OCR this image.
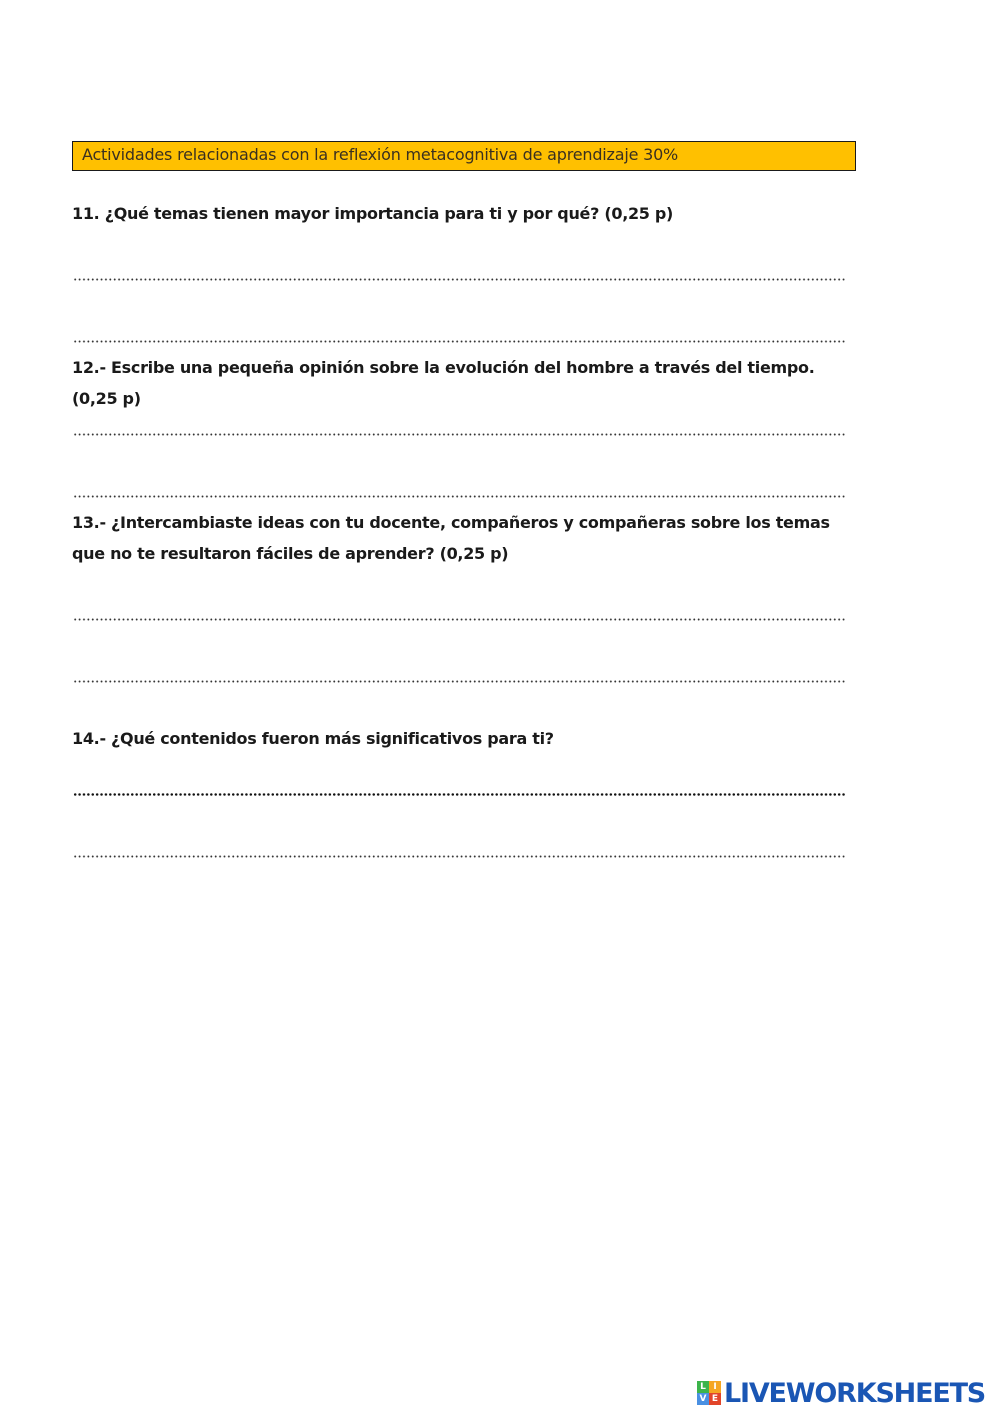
Actividades relacionadas con la reflexión metacognitiva de aprendizaje 30%
11. ¿Qué temas tienen mayor importancia para ti y por qué? (0,25 p)
12.- Escribe una pequeña opinión sobre la evolución del hombre a través del tiempo. (0,25 p)
13.- ¿Intercambiaste ideas con tu docente, compañeros y compañeras sobre los temas que no te resultaron fáciles de aprender? (0,25 p)
14.- ¿Qué contenidos fueron más significativos para ti?
L I
V E LIVEWORKSHEETS
